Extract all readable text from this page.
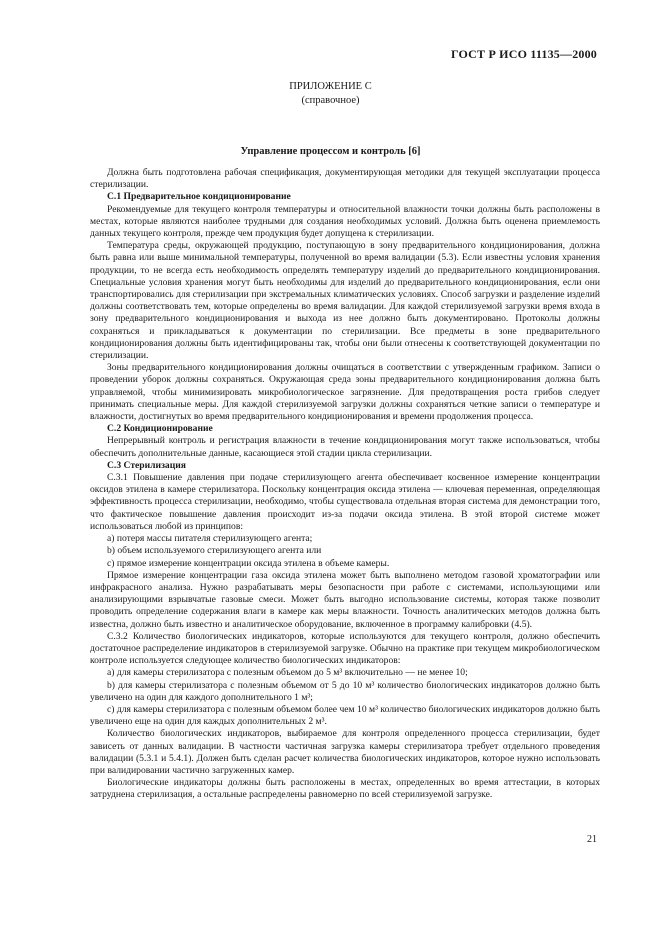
ГОСТ Р ИСО 11135—2000
ПРИЛОЖЕНИЕ С
(справочное)
Управление процессом и контроль [6]

Должна быть подготовлена рабочая спецификация, документирующая методики для текущей эксплуатации процесса стерилизации.

С.1 Предварительное кондиционирование

Рекомендуемые для текущего контроля температуры и относительной влажности точки должны быть расположены в местах, которые являются наиболее трудными для создания необходимых условий. Должна быть оценена приемлемость данных текущего контроля, прежде чем продукция будет допущена к стерилизации.

Температура среды, окружающей продукцию, поступающую в зону предварительного кондиционирования, должна быть равна или выше минимальной температуры, полученной во время валидации (5.3). Если известны условия хранения продукции, то не всегда есть необходимость определять температуру изделий до предварительного кондиционирования. Специальные условия хранения могут быть необходимы для изделий до предварительного кондиционирования, если они транспортировались для стерилизации при экстремальных климатических условиях. Способ загрузки и разделение изделий должны соответствовать тем, которые определены во время валидации. Для каждой стерилизуемой загрузки время входа в зону предварительного кондиционирования и выхода из нее должно быть документировано. Протоколы должны сохраняться и прикладываться к документации по стерилизации. Все предметы в зоне предварительного кондиционирования должны быть идентифицированы так, чтобы они были отнесены к соответствующей документации по стерилизации.

Зоны предварительного кондиционирования должны очищаться в соответствии с утвержденным графиком. Записи о проведении уборок должны сохраняться. Окружающая среда зоны предварительного кондиционирования должна быть управляемой, чтобы минимизировать микробиологическое загрязнение. Для предотвращения роста грибов следует принимать специальные меры. Для каждой стерилизуемой загрузки должны сохраняться четкие записи о температуре и влажности, достигнутых во время предварительного кондиционирования и времени продолжения процесса.

С.2 Кондиционирование

Непрерывный контроль и регистрация влажности в течение кондиционирования могут также использоваться, чтобы обеспечить дополнительные данные, касающиеся этой стадии цикла стерилизации.

С.3 Стерилизация

С.3.1 Повышение давления при подаче стерилизующего агента обеспечивает косвенное измерение концентрации оксидов этилена в камере стерилизатора. Поскольку концентрация оксида этилена — ключевая переменная, определяющая эффективность процесса стерилизации, необходимо, чтобы существовала отдельная вторая система для демонстрации того, что фактическое повышение давления происходит из-за подачи оксида этилена. В этой второй системе может использоваться любой из принципов:

a) потеря массы питателя стерилизующего агента;

b) объем используемого стерилизующего агента или

c) прямое измерение концентрации оксида этилена в объеме камеры.

Прямое измерение концентрации газа оксида этилена может быть выполнено методом газовой хроматографии или инфракрасного анализа. Нужно разрабатывать меры безопасности при работе с системами, использующими или анализирующими взрывчатые газовые смеси. Может быть выгодно использование системы, которая также позволит проводить определение содержания влаги в камере как меры влажности. Точность аналитических методов должна быть известна, должно быть известно и аналитическое оборудование, включенное в программу калибровки (4.5).

С.3.2 Количество биологических индикаторов, которые используются для текущего контроля, должно обеспечить достаточное распределение индикаторов в стерилизуемой загрузке. Обычно на практике при текущем микробиологическом контроле используется следующее количество биологических индикаторов:

a) для камеры стерилизатора с полезным объемом до 5 м³ включительно — не менее 10;

b) для камеры стерилизатора с полезным объемом от 5 до 10 м³ количество биологических индикаторов должно быть увеличено на один для каждого дополнительного 1 м³;

c) для камеры стерилизатора с полезным объемом более чем 10 м³ количество биологических индикаторов должно быть увеличено еще на один для каждых дополнительных 2 м³.

Количество биологических индикаторов, выбираемое для контроля определенного процесса стерилизации, будет зависеть от данных валидации. В частности частичная загрузка камеры стерилизатора требует отдельного проведения валидации (5.3.1 и 5.4.1). Должен быть сделан расчет количества биологических индикаторов, которое нужно использовать при валидировании частично загруженных камер.

Биологические индикаторы должны быть расположены в местах, определенных во время аттестации, в которых затруднена стерилизация, а остальные распределены равномерно по всей стерилизуемой загрузке.

21
